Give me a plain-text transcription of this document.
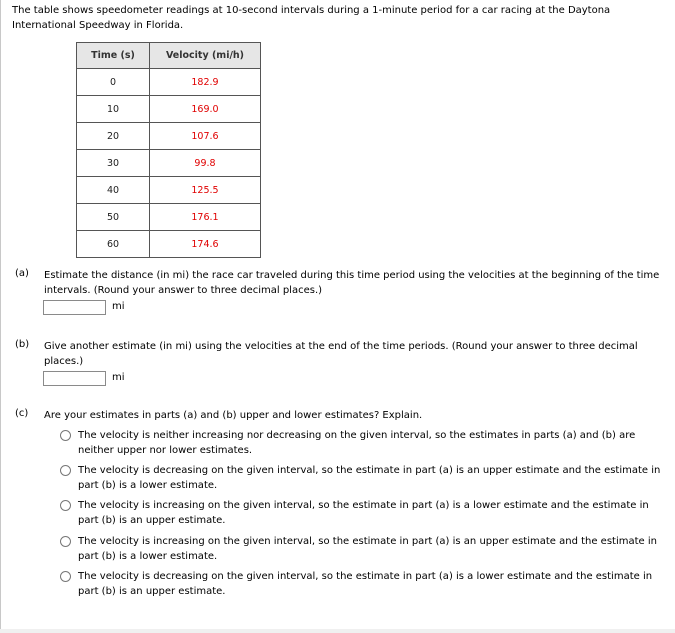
The table shows speedometer readings at 10-second intervals during a 1-minute period for a car racing at the Daytona International Speedway in Florida.
Time (s)	Velocity (mi/h)
0	182.9
10	169.0
20	107.6
30	99.8
40	125.5
50	176.1
60	174.6
(a) Estimate the distance (in mi) the race car traveled during this time period using the velocities at the beginning of the time intervals. (Round your answer to three decimal places.)
mi
(b) Give another estimate (in mi) using the velocities at the end of the time periods. (Round your answer to three decimal places.)
mi
(c) Are your estimates in parts (a) and (b) upper and lower estimates? Explain.
The velocity is neither increasing nor decreasing on the given interval, so the estimates in parts (a) and (b) are neither upper nor lower estimates.
The velocity is decreasing on the given interval, so the estimate in part (a) is an upper estimate and the estimate in part (b) is a lower estimate.
The velocity is increasing on the given interval, so the estimate in part (a) is a lower estimate and the estimate in part (b) is an upper estimate.
The velocity is increasing on the given interval, so the estimate in part (a) is an upper estimate and the estimate in part (b) is a lower estimate.
The velocity is decreasing on the given interval, so the estimate in part (a) is a lower estimate and the estimate in part (b) is an upper estimate.
